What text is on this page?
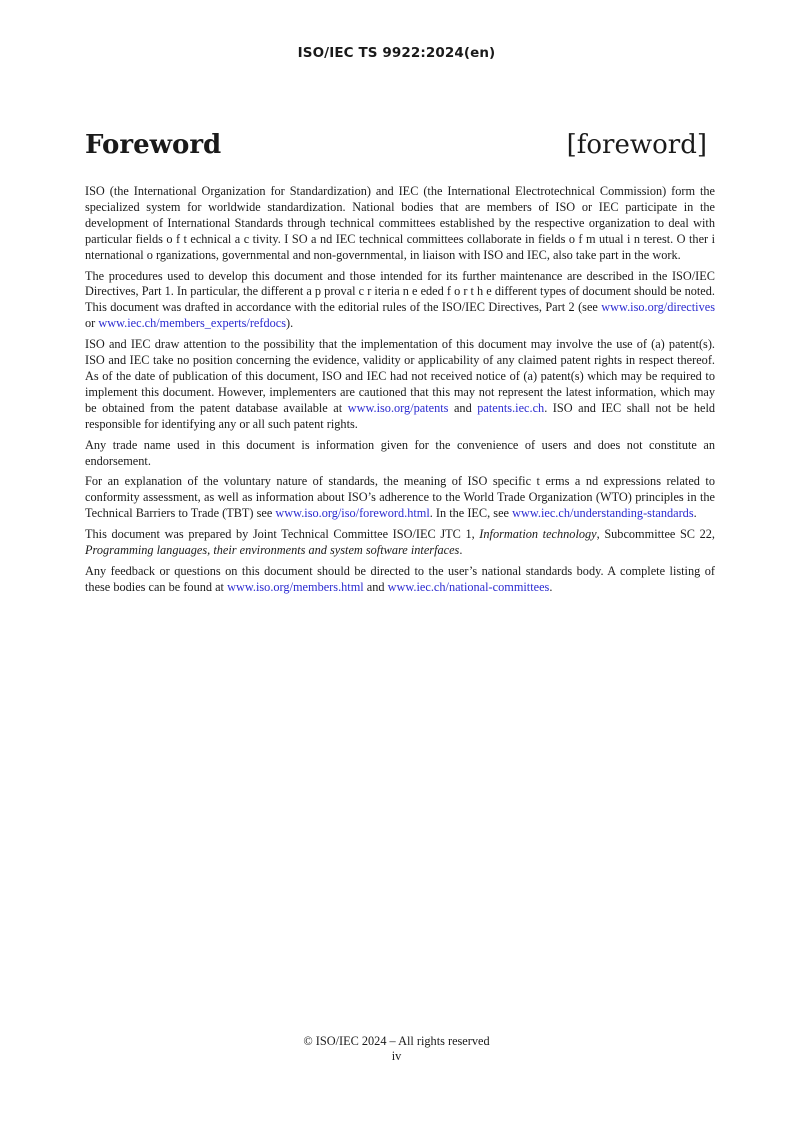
ISO/IEC TS 9922:2024(en)
Foreword	[foreword]

ISO (the International Organization for Standardization) and IEC (the International Electrotechnical Commission) form the specialized system for worldwide standardization. National bodies that are members of ISO or IEC participate in the development of International Standards through technical committees established by the respective organization to deal with particular fields o f t echnical a c tivity. I SO a nd IEC technical committees collaborate in fields o f m utual i n terest. O ther i nternational o rganizations, governmental and non-governmental, in liaison with ISO and IEC, also take part in the work.

The procedures used to develop this document and those intended for its further maintenance are described in the ISO/IEC Directives, Part 1. In particular, the different a p proval c r iteria n e eded f o r t h e different types of document should be noted. This document was drafted in accordance with the editorial rules of the ISO/IEC Directives, Part 2 (see www.iso.org/directives or www.iec.ch/members_experts/refdocs).

ISO and IEC draw attention to the possibility that the implementation of this document may involve the use of (a) patent(s). ISO and IEC take no position concerning the evidence, validity or applicability of any claimed patent rights in respect thereof. As of the date of publication of this document, ISO and IEC had not received notice of (a) patent(s) which may be required to implement this document. However, implementers are cautioned that this may not represent the latest information, which may be obtained from the patent database available at www.iso.org/patents and patents.iec.ch. ISO and IEC shall not be held responsible for identifying any or all such patent rights.

Any trade name used in this document is information given for the convenience of users and does not constitute an endorsement.

For an explanation of the voluntary nature of standards, the meaning of ISO specific t erms a nd expressions related to conformity assessment, as well as information about ISO’s adherence to the World Trade Organization (WTO) principles in the Technical Barriers to Trade (TBT) see www.iso.org/iso/foreword.html. In the IEC, see www.iec.ch/understanding-standards.

This document was prepared by Joint Technical Committee ISO/IEC JTC 1, Information technology, Subcommittee SC 22, Programming languages, their environments and system software interfaces.

Any feedback or questions on this document should be directed to the user’s national standards body. A complete listing of these bodies can be found at www.iso.org/members.html and www.iec.ch/national-committees.

© ISO/IEC 2024 – All rights reserved
iv
